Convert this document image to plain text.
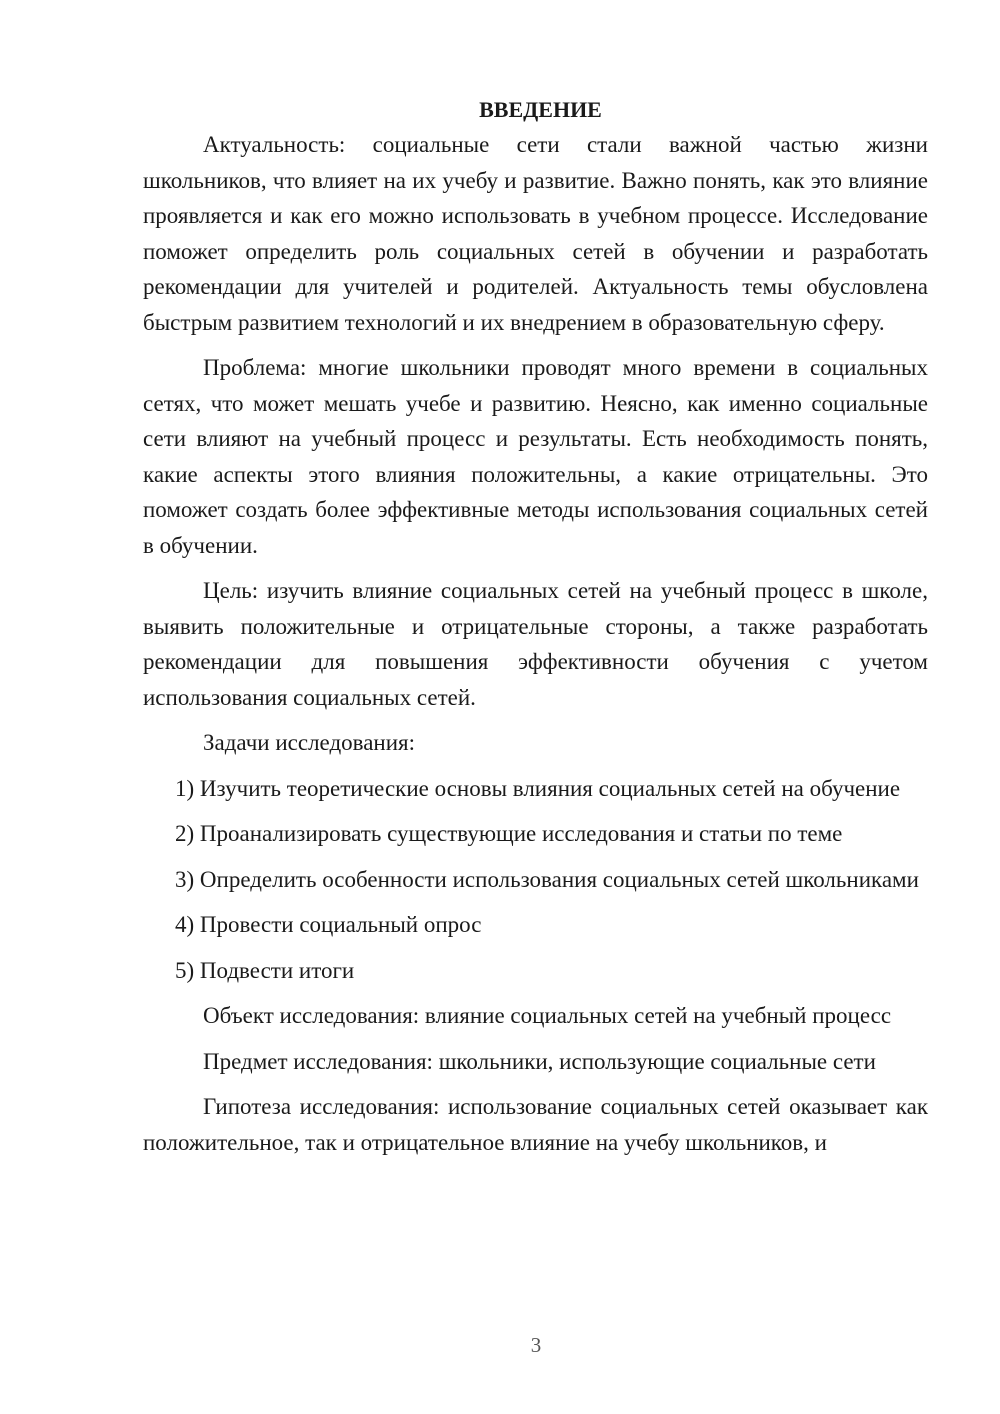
ВВЕДЕНИЕ

Актуальность: социальные сети стали важной частью жизни школьников, что влияет на их учебу и развитие. Важно понять, как это влияние проявляется и как его можно использовать в учебном процессе. Исследование поможет определить роль социальных сетей в обучении и разработать рекомендации для учителей и родителей. Актуальность темы обусловлена быстрым развитием технологий и их внедрением в образовательную сферу.

Проблема: многие школьники проводят много времени в социальных сетях, что может мешать учебе и развитию. Неясно, как именно социальные сети влияют на учебный процесс и результаты. Есть необходимость понять, какие аспекты этого влияния положительны, а какие отрицательны. Это поможет создать более эффективные методы использования социальных сетей в обучении.

Цель: изучить влияние социальных сетей на учебный процесс в школе, выявить положительные и отрицательные стороны, а также разработать рекомендации для повышения эффективности обучения с учетом использования социальных сетей.

Задачи исследования:

1) Изучить теоретические основы влияния социальных сетей на обучение

2) Проанализировать существующие исследования и статьи по теме

3) Определить особенности использования социальных сетей школьниками

4) Провести социальный опрос

5) Подвести итоги

Объект исследования: влияние социальных сетей на учебный процесс

Предмет исследования: школьники, использующие социальные сети

Гипотеза исследования: использование социальных сетей оказывает как положительное, так и отрицательное влияние на учебу школьников, и

3
